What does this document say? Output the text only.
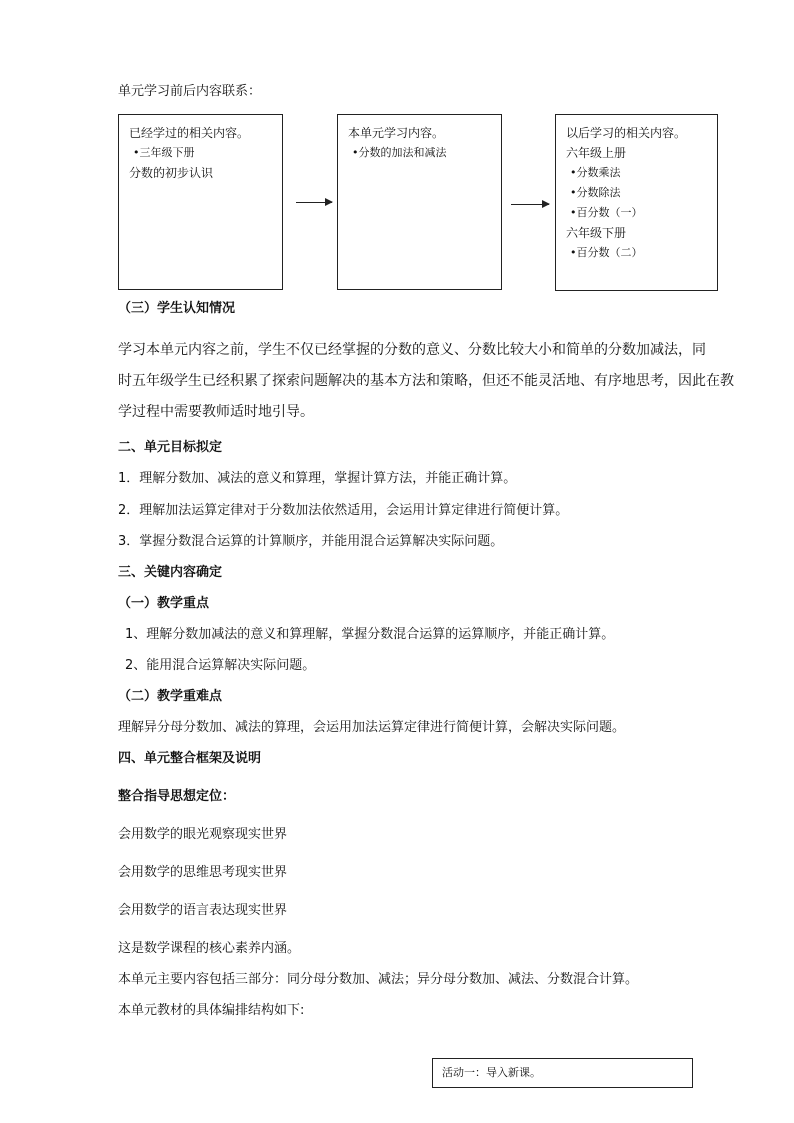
单元学习前后内容联系：
已经学过的相关内容。
•三年级下册
分数的初步认识
本单元学习内容。
•分数的加法和减法
以后学习的相关内容。
六年级上册
•分数乘法
•分数除法
•百分数（一）
六年级下册
•百分数（二）
（三）学生认知情况
学习本单元内容之前，学生不仅已经掌握的分数的意义、分数比较大小和简单的分数加减法，同
时五年级学生已经积累了探索问题解决的基本方法和策略，但还不能灵活地、有序地思考，因此在教
学过程中需要教师适时地引导。
二、单元目标拟定
1．理解分数加、减法的意义和算理，掌握计算方法，并能正确计算。
2．理解加法运算定律对于分数加法依然适用，会运用计算定律进行简便计算。
3．掌握分数混合运算的计算顺序，并能用混合运算解决实际问题。
三、关键内容确定
（一）教学重点
1、理解分数加减法的意义和算理解，掌握分数混合运算的运算顺序，并能正确计算。
2、能用混合运算解决实际问题。
（二）教学重难点
理解异分母分数加、减法的算理，会运用加法运算定律进行简便计算，会解决实际问题。
四、单元整合框架及说明
整合指导思想定位：
会用数学的眼光观察现实世界
会用数学的思维思考现实世界
会用数学的语言表达现实世界
这是数学课程的核心素养内涵。
本单元主要内容包括三部分：同分母分数加、减法；异分母分数加、减法、分数混合计算。
本单元教材的具体编排结构如下:
活动一：导入新课。
